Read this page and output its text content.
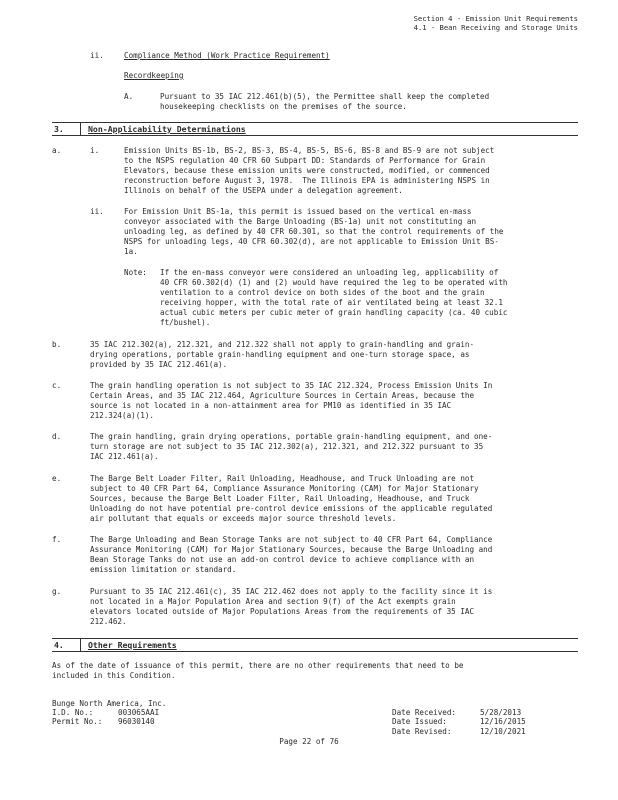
Section 4 - Emission Unit Requirements
4.1 - Bean Receiving and Storage Units
ii.	Compliance Method (Work Practice Requirement)
Recordkeeping
A.	Pursuant to 35 IAC 212.461(b)(5), the Permittee shall keep the completed
housekeeping checklists on the premises of the source.
3.	Non-Applicability Determinations
a.	i.	Emission Units BS-1b, BS-2, BS-3, BS-4, BS-5, BS-6, BS-8 and BS-9 are not subject
to the NSPS regulation 40 CFR 60 Subpart DD: Standards of Performance for Grain
Elevators, because these emission units were constructed, modified, or commenced
reconstruction before August 3, 1978.  The Illinois EPA is administering NSPS in
Illinois on behalf of the USEPA under a delegation agreement.
ii.	For Emission Unit BS-1a, this permit is issued based on the vertical en-mass
conveyor associated with the Barge Unloading (BS-1a) unit not constituting an
unloading leg, as defined by 40 CFR 60.301, so that the control requirements of the
NSPS for unloading legs, 40 CFR 60.302(d), are not applicable to Emission Unit BS-
1a.
Note: If the en-mass conveyor were considered an unloading leg, applicability of
40 CFR 60.302(d) (1) and (2) would have required the leg to be operated with
ventilation to a control device on both sides of the boot and the grain
receiving hopper, with the total rate of air ventilated being at least 32.1
actual cubic meters per cubic meter of grain handling capacity (ca. 40 cubic
ft/bushel).
b.	35 IAC 212.302(a), 212.321, and 212.322 shall not apply to grain-handling and grain-
drying operations, portable grain-handling equipment and one-turn storage space, as
provided by 35 IAC 212.461(a).
c.	The grain handling operation is not subject to 35 IAC 212.324, Process Emission Units In
Certain Areas, and 35 IAC 212.464, Agriculture Sources in Certain Areas, because the
source is not located in a non-attainment area for PM10 as identified in 35 IAC
212.324(a)(1).
d.	The grain handling, grain drying operations, portable grain-handling equipment, and one-
turn storage are not subject to 35 IAC 212.302(a), 212.321, and 212.322 pursuant to 35
IAC 212.461(a).
e.	The Barge Belt Loader Filter, Rail Unloading, Headhouse, and Truck Unloading are not
subject to 40 CFR Part 64, Compliance Assurance Monitoring (CAM) for Major Stationary
Sources, because the Barge Belt Loader Filter, Rail Unloading, Headhouse, and Truck
Unloading do not have potential pre-control device emissions of the applicable regulated
air pollutant that equals or exceeds major source threshold levels.
f.	The Barge Unloading and Bean Storage Tanks are not subject to 40 CFR Part 64, Compliance
Assurance Monitoring (CAM) for Major Stationary Sources, because the Barge Unloading and
Bean Storage Tanks do not use an add-on control device to achieve compliance with an
emission limitation or standard.
g.	Pursuant to 35 IAC 212.461(c), 35 IAC 212.462 does not apply to the facility since it is
not located in a Major Population Area and section 9(f) of the Act exempts grain
elevators located outside of Major Populations Areas from the requirements of 35 IAC
212.462.
4.	Other Requirements
As of the date of issuance of this permit, there are no other requirements that need to be
included in this Condition.
Bunge North America, Inc.
I.D. No.:	003065AAI
Permit No.: 96030140
Date Received:	5/28/2013
Date Issued:	12/16/2015
Date Revised:	12/10/2021
Page 22 of 76
